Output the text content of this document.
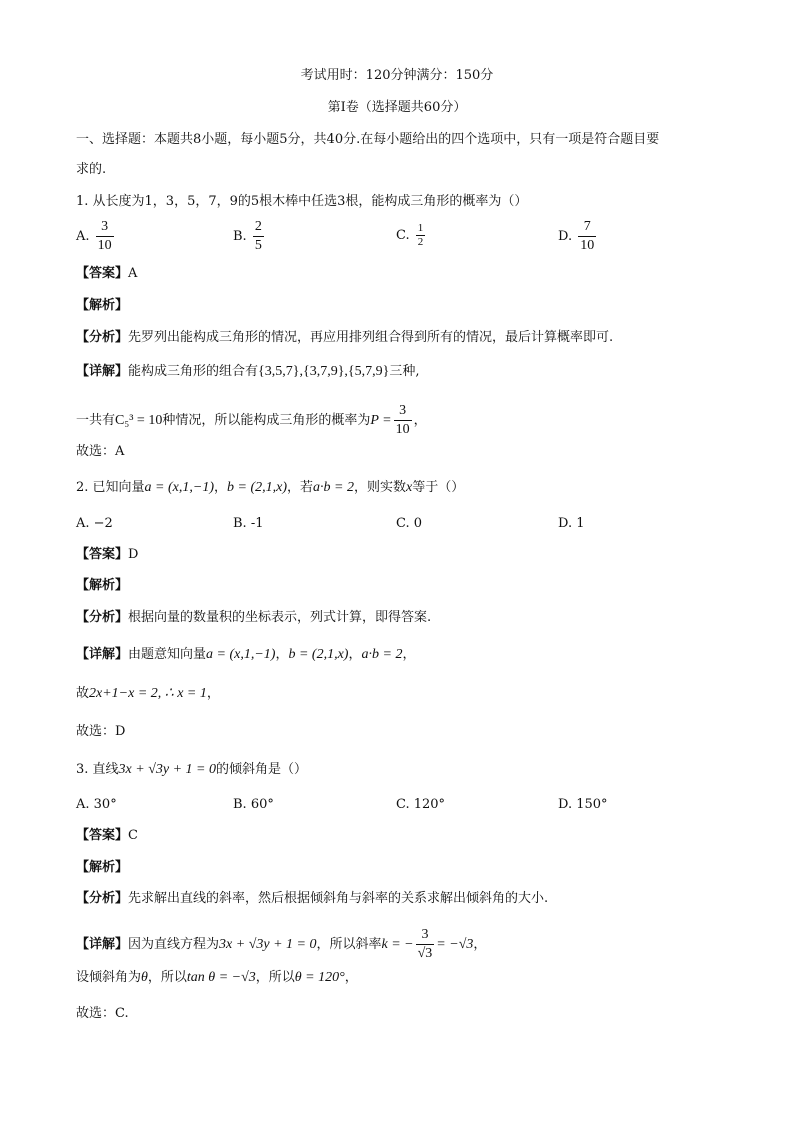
考试用时：120分钟满分：150分
第Ⅰ卷（选择题共60分）
一、选择题：本题共8小题，每小题5分，共40分.在每小题给出的四个选项中，只有一项是符合题目要
求的.
1. 从长度为1，3，5，7，9的5根木棒中任选3根，能构成三角形的概率为（）
A. $\frac{3}{10}$	B. $\frac{2}{5}$	C. $\frac{1}{2}$	D. $\frac{7}{10}$
【答案】A
【解析】
【分析】先罗列出能构成三角形的情况，再应用排列组合得到所有的情况，最后计算概率即可.
【详解】能构成三角形的组合有{3,5,7},{3,7,9},{5,7,9}三种,
一共有C₅³ = 10种情况，所以能构成三角形的概率为$P = \frac{3}{10}$ ，
故选：A
2. 已知向量a = (x,1,−1)，b = (2,1,x)，若a·b = 2，则实数x等于（）
A. −2	B. -1	C. 0	D. 1
【答案】D
【解析】
【分析】根据向量的数量积的坐标表示，列式计算，即得答案.
【详解】由题意知向量a = (x,1,−1)，b = (2,1,x)，a·b = 2，
故2x+1−x = 2, ∴ x = 1，
故选：D
3. 直线3x + √3y + 1 = 0的倾斜角是（）
A. 30°	B. 60°	C. 120°	D. 150°
【答案】C
【解析】
【分析】先求解出直线的斜率，然后根据倾斜角与斜率的关系求解出倾斜角的大小.
【详解】因为直线方程为3x + √3y + 1 = 0，所以斜率k = − $\frac{3}{√3} = -√3$，
设倾斜角为θ，所以tan θ = −√3，所以θ = 120°，
故选：C.
